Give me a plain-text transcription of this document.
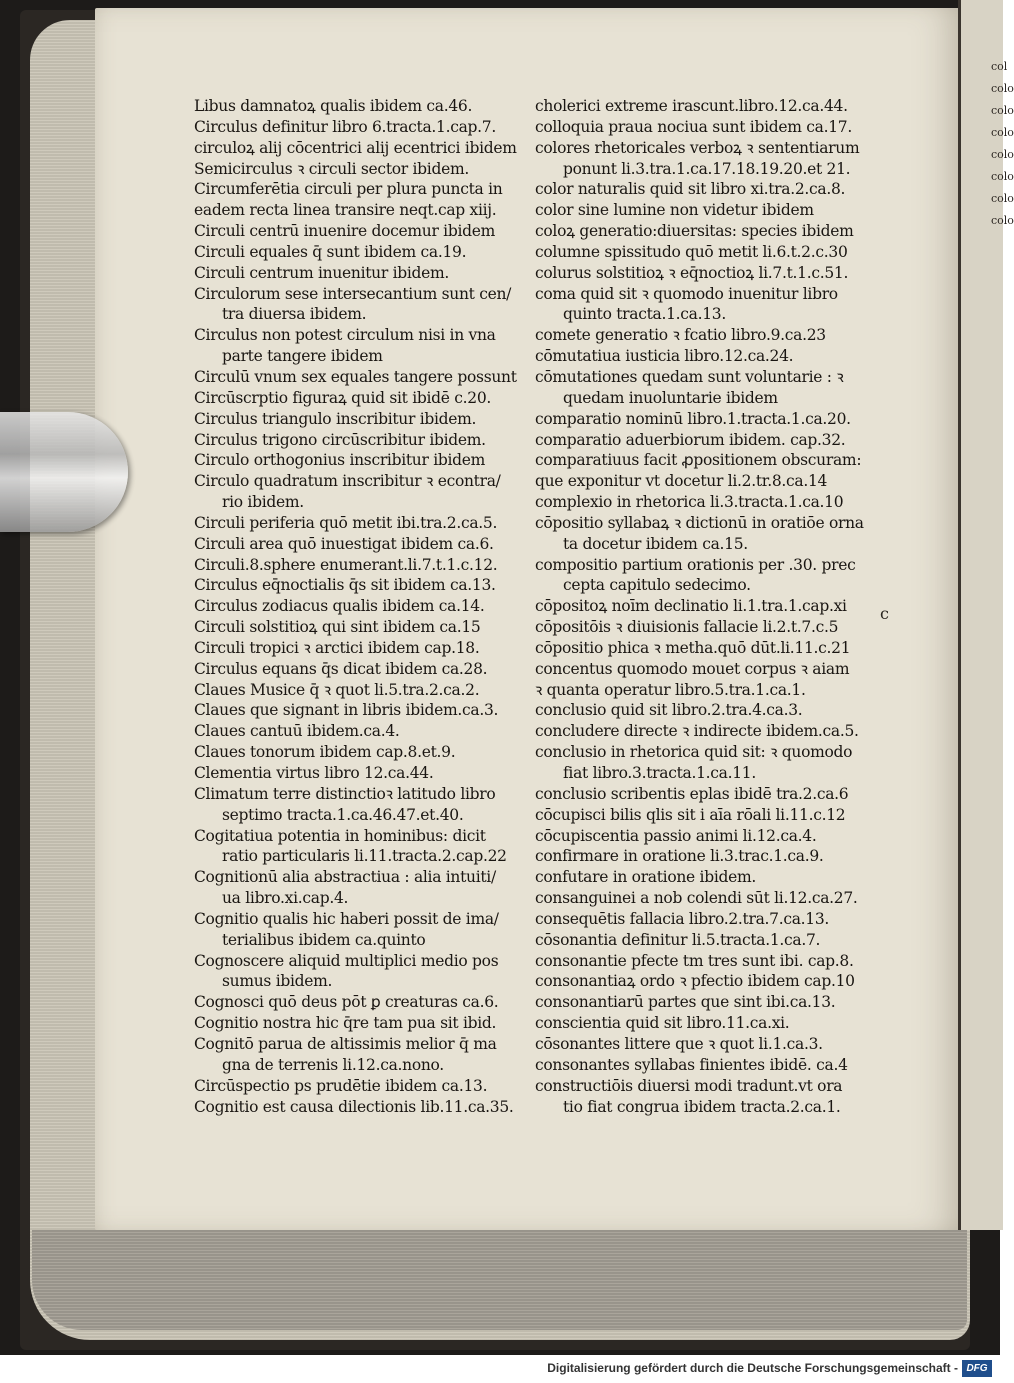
col
colo
colo
colo
colo
colo
colo
colo
Libus damnatoꝝ qualis ibidem ca.46.
Circulus definitur libro 6.tracta.1.cap.7.
circuloꝝ alij cōcentrici alij ecentrici ibidem
Semicirculus ꝛ circuli sector ibidem.
Circumferētia circuli per plura puncta in
eadem recta linea transire neqt.cap xiij.
Circuli centrū inuenire docemur ibidem
Circuli equales q̄ sunt ibidem ca.19.
Circuli centrum inuenitur ibidem.
Circulorum sese intersecantium sunt cen/
tra diuersa ibidem.
Circulus non potest circulum nisi in vna
parte tangere ibidem
Circulū vnum sex equales tangere possunt
Circūscrptio figuraꝝ quid sit ibidē c.20.
Circulus triangulo inscribitur ibidem.
Circulus trigono circūscribitur ibidem.
Circulo orthogonius inscribitur ibidem
Circulo quadratum inscribitur ꝛ econtra/
rio ibidem.
Circuli periferia quō metit ibi.tra.2.ca.5.
Circuli area quō inuestigat ibidem ca.6.
Circuli.8.sphere enumerant.li.7.t.1.c.12.
Circulus eq̄noctialis q̄s sit ibidem ca.13.
Circulus zodiacus qualis ibidem ca.14.
Circuli solstitioꝝ qui sint ibidem ca.15
Circuli tropici ꝛ arctici ibidem cap.18.
Circulus equans q̄s dicat ibidem ca.28.
Claues Musice q̄ ꝛ quot li.5.tra.2.ca.2.
Claues que signant in libris ibidem.ca.3.
Claues cantuū ibidem.ca.4.
Claues tonorum ibidem cap.8.et.9.
Clementia virtus libro 12.ca.44.
Climatum terre distinctioꝛ latitudo libro
septimo tracta.1.ca.46.47.et.40.
Cogitatiua potentia in hominibus: dicit
ratio particularis li.11.tracta.2.cap.22
Cognitionū alia abstractiua : alia intuiti/
ua libro.xi.cap.4.
Cognitio qualis hic haberi possit de ima/
terialibus ibidem ca.quinto
Cognoscere aliquid multiplici medio pos
sumus ibidem.
Cognosci quō deus pōt ꝑ creaturas ca.6.
Cognitio nostra hic q̄re tam pua sit ibid.
Cognitō parua de altissimis melior q̄ ma
gna de terrenis li.12.ca.nono.
Circūspectio ps prudētie ibidem ca.13.
Cognitio est causa dilectionis lib.11.ca.35.
cholerici extreme irascunt.libro.12.ca.44.
colloquia praua nociua sunt ibidem ca.17.
colores rhetoricales verboꝝ ꝛ sententiarum
ponunt li.3.tra.1.ca.17.18.19.20.et 21.
color naturalis quid sit libro xi.tra.2.ca.8.
color sine lumine non videtur ibidem
coloꝝ generatio:diuersitas: species ibidem
columne spissitudo quō metit li.6.t.2.c.30
colurus solstitioꝝ ꝛ eq̄noctioꝝ li.7.t.1.c.51.
coma quid sit ꝛ quomodo inuenitur libro
quinto tracta.1.ca.13.
comete generatio ꝛ fcatio libro.9.ca.23
cōmutatiua iusticia libro.12.ca.24.
cōmutationes quedam sunt voluntarie : ꝛ
quedam inuoluntarie ibidem
comparatio nominū libro.1.tracta.1.ca.20.
comparatio aduerbiorum ibidem. cap.32.
comparatiuus facit ꝓpositionem obscuram:
que exponitur vt docetur li.2.tr.8.ca.14
complexio in rhetorica li.3.tracta.1.ca.10
cōpositio syllabaꝝ ꝛ dictionū in oratiōe orna
ta docetur ibidem ca.15.
compositio partium orationis per .30. prec
cepta capitulo sedecimo.
cōpositoꝝ noīm declinatio li.1.tra.1.cap.xi
cōpositōis ꝛ diuisionis fallacie li.2.t.7.c.5
cōpositio phica ꝛ metha.quō dūt.li.11.c.21
concentus quomodo mouet corpus ꝛ aiam
ꝛ quanta operatur libro.5.tra.1.ca.1.
conclusio quid sit libro.2.tra.4.ca.3.
concludere directe ꝛ indirecte ibidem.ca.5.
conclusio in rhetorica quid sit: ꝛ quomodo
fiat libro.3.tracta.1.ca.11.
conclusio scribentis eplas ibidē tra.2.ca.6
cōcupisci bilis qlis sit i aīa rōali li.11.c.12
cōcupiscentia passio animi li.12.ca.4.
confirmare in oratione li.3.trac.1.ca.9.
confutare in oratione ibidem.
consanguinei a nob colendi sūt li.12.ca.27.
consequētis fallacia libro.2.tra.7.ca.13.
cōsonantia definitur li.5.tracta.1.ca.7.
consonantie pfecte tm tres sunt ibi. cap.8.
consonantiaꝝ ordo ꝛ pfectio ibidem cap.10
consonantiarū partes que sint ibi.ca.13.
conscientia quid sit libro.11.ca.xi.
cōsonantes littere que ꝛ quot li.1.ca.3.
consonantes syllabas finientes ibidē. ca.4
constructiōis diuersi modi tradunt.vt ora
tio fiat congrua ibidem tracta.2.ca.1.
c
Digitalisierung gefördert durch die Deutsche Forschungsgemeinschaft - DFG
